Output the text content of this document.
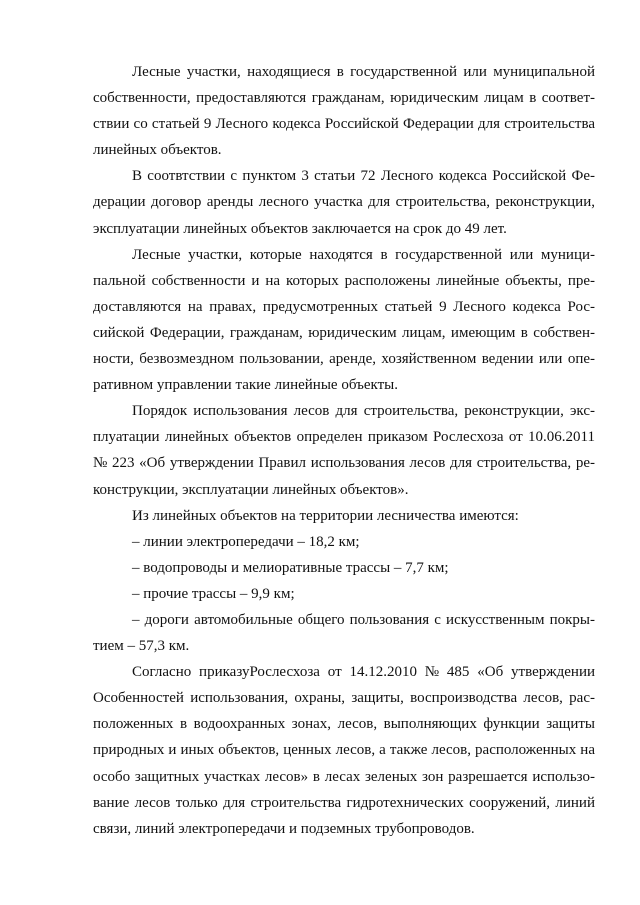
Лесные участки, находящиеся в государственной или муниципальной
собственности, предоставляются гражданам, юридическим лицам в соответ-
ствии со статьей 9 Лесного кодекса Российской Федерации для строительства
линейных объектов.
В соотвтствии с пунктом 3 статьи 72 Лесного кодекса Российской Фе-
дерации договор аренды лесного участка для строительства, реконструкции,
эксплуатации линейных объектов заключается на срок до 49 лет.
Лесные участки, которые находятся в государственной или муници-
пальной собственности и на которых расположены линейные объекты, пре-
доставляются на правах, предусмотренных статьей 9 Лесного кодекса Рос-
сийской Федерации, гражданам, юридическим лицам, имеющим в собствен-
ности, безвозмездном пользовании, аренде, хозяйственном ведении или опе-
ративном управлении такие линейные объекты.
Порядок использования лесов для строительства, реконструкции, экс-
плуатации линейных объектов определен приказом Рослесхоза от 10.06.2011
№ 223 «Об утверждении Правил использования лесов для строительства, ре-
конструкции, эксплуатации линейных объектов».
Из линейных объектов на территории лесничества имеются:
– линии электропередачи – 18,2 км;
– водопроводы и мелиоративные трассы – 7,7 км;
– прочие трассы – 9,9 км;
– дороги автомобильные общего пользования с искусственным покры-
тием – 57,3 км.
Согласно приказуРослесхоза от 14.12.2010 № 485 «Об утверждении
Особенностей использования, охраны, защиты, воспроизводства лесов, рас-
положенных в водоохранных зонах, лесов, выполняющих функции защиты
природных и иных объектов, ценных лесов, а также лесов, расположенных на
особо защитных участках лесов» в лесах зеленых зон разрешается использо-
вание лесов только для строительства гидротехнических сооружений, линий
связи, линий электропередачи и подземных трубопроводов.
